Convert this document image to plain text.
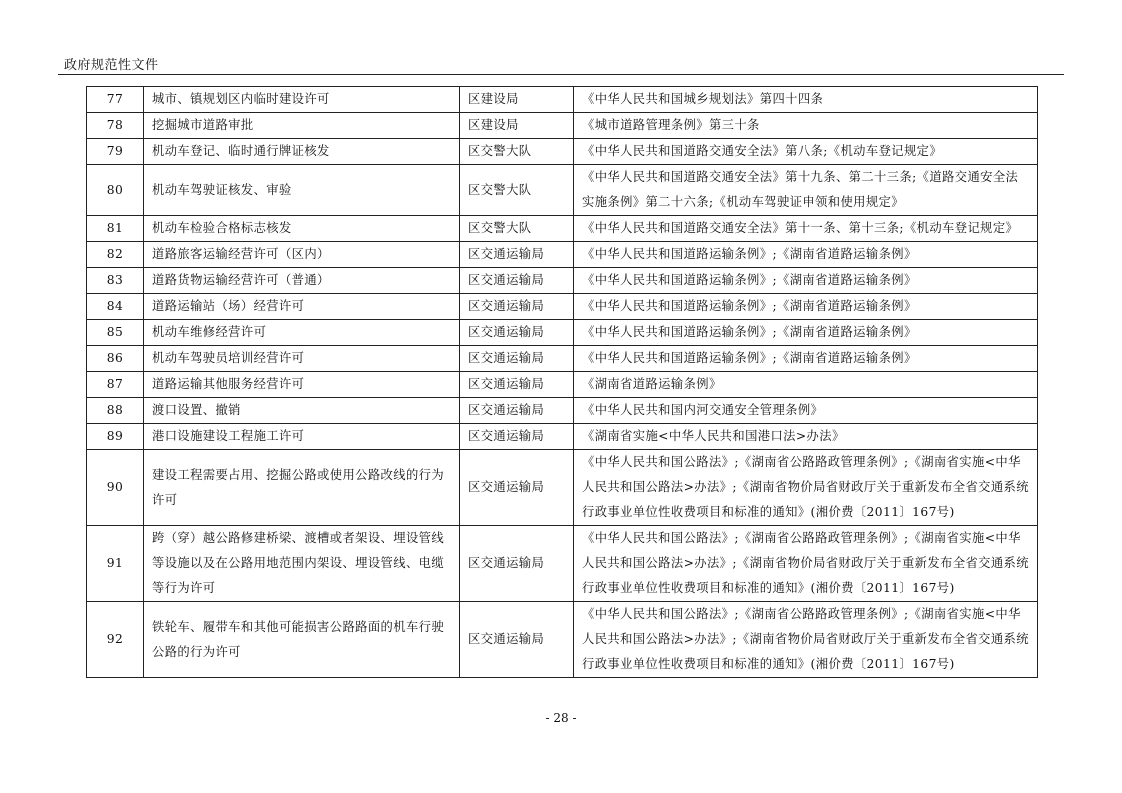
政府规范性文件
77	城市、镇规划区内临时建设许可	区建设局	《中华人民共和国城乡规划法》第四十四条
78	挖掘城市道路审批	区建设局	《城市道路管理条例》第三十条
79	机动车登记、临时通行牌证核发	区交警大队	《中华人民共和国道路交通安全法》第八条;《机动车登记规定》
80	机动车驾驶证核发、审验	区交警大队	《中华人民共和国道路交通安全法》第十九条、第二十三条;《道路交通安全法实施条例》第二十六条;《机动车驾驶证申领和使用规定》
81	机动车检验合格标志核发	区交警大队	《中华人民共和国道路交通安全法》第十一条、第十三条;《机动车登记规定》
82	道路旅客运输经营许可（区内）	区交通运输局	《中华人民共和国道路运输条例》;《湖南省道路运输条例》
83	道路货物运输经营许可（普通）	区交通运输局	《中华人民共和国道路运输条例》;《湖南省道路运输条例》
84	道路运输站（场）经营许可	区交通运输局	《中华人民共和国道路运输条例》;《湖南省道路运输条例》
85	机动车维修经营许可	区交通运输局	《中华人民共和国道路运输条例》;《湖南省道路运输条例》
86	机动车驾驶员培训经营许可	区交通运输局	《中华人民共和国道路运输条例》;《湖南省道路运输条例》
87	道路运输其他服务经营许可	区交通运输局	《湖南省道路运输条例》
88	渡口设置、撤销	区交通运输局	《中华人民共和国内河交通安全管理条例》
89	港口设施建设工程施工许可	区交通运输局	《湖南省实施<中华人民共和国港口法>办法》
90	建设工程需要占用、挖掘公路或使用公路改线的行为许可	区交通运输局	《中华人民共和国公路法》;《湖南省公路路政管理条例》;《湖南省实施<中华人民共和国公路法>办法》;《湖南省物价局省财政厅关于重新发布全省交通系统行政事业单位性收费项目和标准的通知》(湘价费〔2011〕167号)
91	跨（穿）越公路修建桥梁、渡槽或者架设、埋设管线等设施以及在公路用地范围内架设、埋设管线、电缆等行为许可	区交通运输局	《中华人民共和国公路法》;《湖南省公路路政管理条例》;《湖南省实施<中华人民共和国公路法>办法》;《湖南省物价局省财政厅关于重新发布全省交通系统行政事业单位性收费项目和标准的通知》(湘价费〔2011〕167号)
92	铁轮车、履带车和其他可能损害公路路面的机车行驶公路的行为许可	区交通运输局	《中华人民共和国公路法》;《湖南省公路路政管理条例》;《湖南省实施<中华人民共和国公路法>办法》;《湖南省物价局省财政厅关于重新发布全省交通系统行政事业单位性收费项目和标准的通知》(湘价费〔2011〕167号)
- 28 -
